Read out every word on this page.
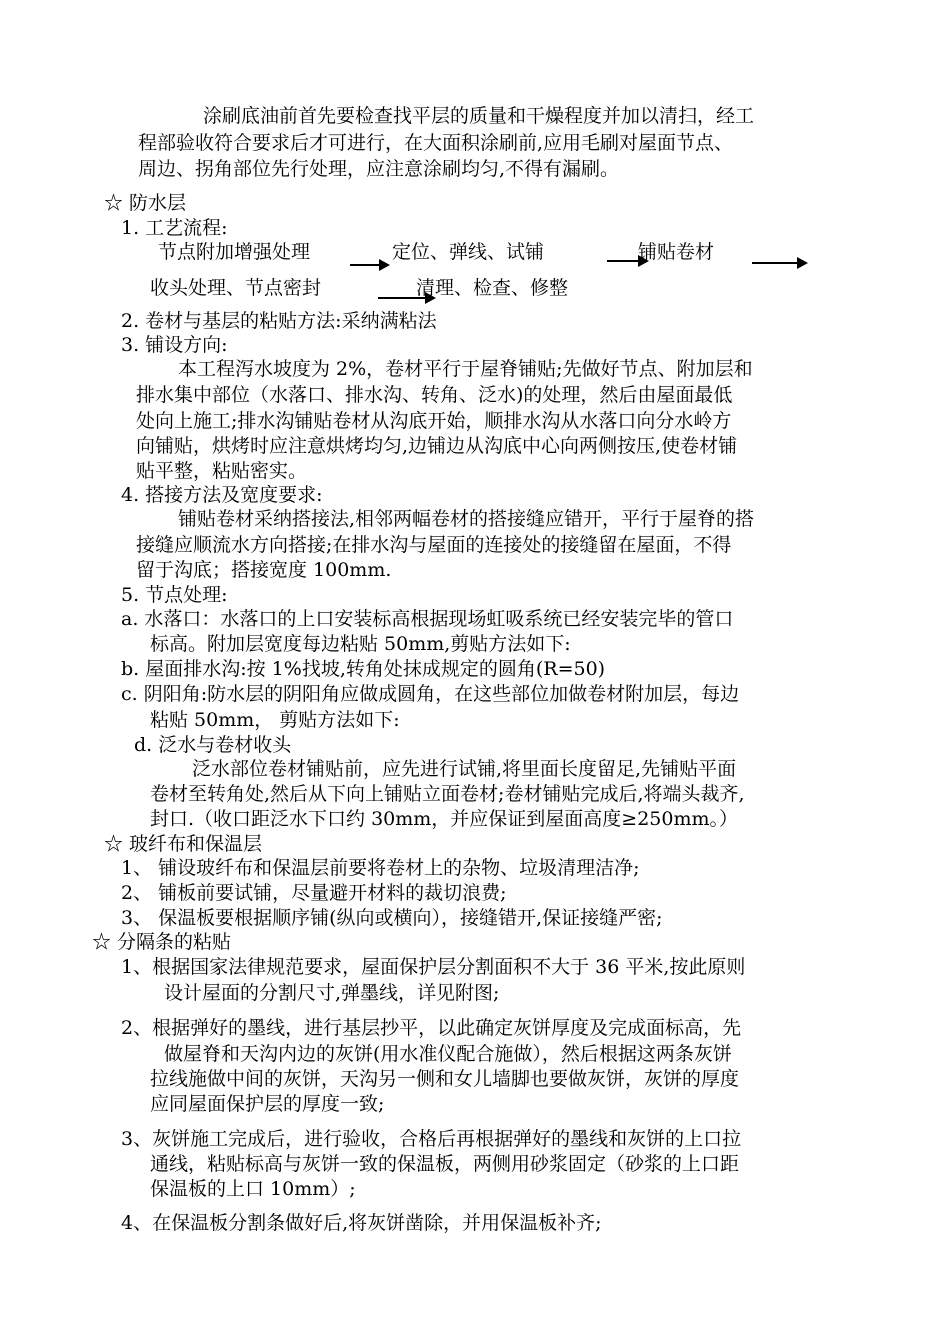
涂刷底油前首先要检查找平层的质量和干燥程度并加以清扫，经工
程部验收符合要求后才可进行，在大面积涂刷前,应用毛刷对屋面节点、
周边、拐角部位先行处理，应注意涂刷均匀,不得有漏刷。
☆ 防水层
1. 工艺流程:
节点附加增强处理	定位、弹线、试铺	铺贴卷材
收头处理、节点密封	清理、检查、修整
2. 卷材与基层的粘贴方法:采纳满粘法
3. 铺设方向:
本工程泻水坡度为 2%，卷材平行于屋脊铺贴;先做好节点、附加层和
排水集中部位（水落口、排水沟、转角、泛水)的处理，然后由屋面最低
处向上施工;排水沟铺贴卷材从沟底开始，顺排水沟从水落口向分水岭方
向铺贴，烘烤时应注意烘烤均匀,边铺边从沟底中心向两侧按压,使卷材铺
贴平整，粘贴密实。
4. 搭接方法及宽度要求:
铺贴卷材采纳搭接法,相邻两幅卷材的搭接缝应错开，平行于屋脊的搭
接缝应顺流水方向搭接;在排水沟与屋面的连接处的接缝留在屋面，不得
留于沟底；搭接宽度 100mm.
5. 节点处理:
a. 水落口：水落口的上口安装标高根据现场虹吸系统已经安装完毕的管口
标高。附加层宽度每边粘贴 50mm,剪贴方法如下:
b. 屋面排水沟:按 1%找坡,转角处抹成规定的圆角(R=50)
c. 阴阳角:防水层的阴阳角应做成圆角，在这些部位加做卷材附加层，每边
粘贴 50mm， 剪贴方法如下:
d. 泛水与卷材收头
泛水部位卷材铺贴前，应先进行试铺,将里面长度留足,先铺贴平面
卷材至转角处,然后从下向上铺贴立面卷材;卷材铺贴完成后,将端头裁齐,
封口.（收口距泛水下口约 30mm，并应保证到屋面高度≥250mm。）
☆ 玻纤布和保温层
1、 铺设玻纤布和保温层前要将卷材上的杂物、垃圾清理洁净;
2、 铺板前要试铺，尽量避开材料的裁切浪费;
3、 保温板要根据顺序铺(纵向或横向），接缝错开,保证接缝严密;
☆ 分隔条的粘贴
1、根据国家法律规范要求，屋面保护层分割面积不大于 36 平米,按此原则
设计屋面的分割尺寸,弹墨线，详见附图;
2、根据弹好的墨线，进行基层抄平，以此确定灰饼厚度及完成面标高，先
做屋脊和天沟内边的灰饼(用水准仪配合施做），然后根据这两条灰饼
拉线施做中间的灰饼，天沟另一侧和女儿墙脚也要做灰饼，灰饼的厚度
应同屋面保护层的厚度一致;
3、灰饼施工完成后，进行验收，合格后再根据弹好的墨线和灰饼的上口拉
通线，粘贴标高与灰饼一致的保温板，两侧用砂浆固定（砂浆的上口距
保温板的上口 10mm）;
4、在保温板分割条做好后,将灰饼凿除，并用保温板补齐;
